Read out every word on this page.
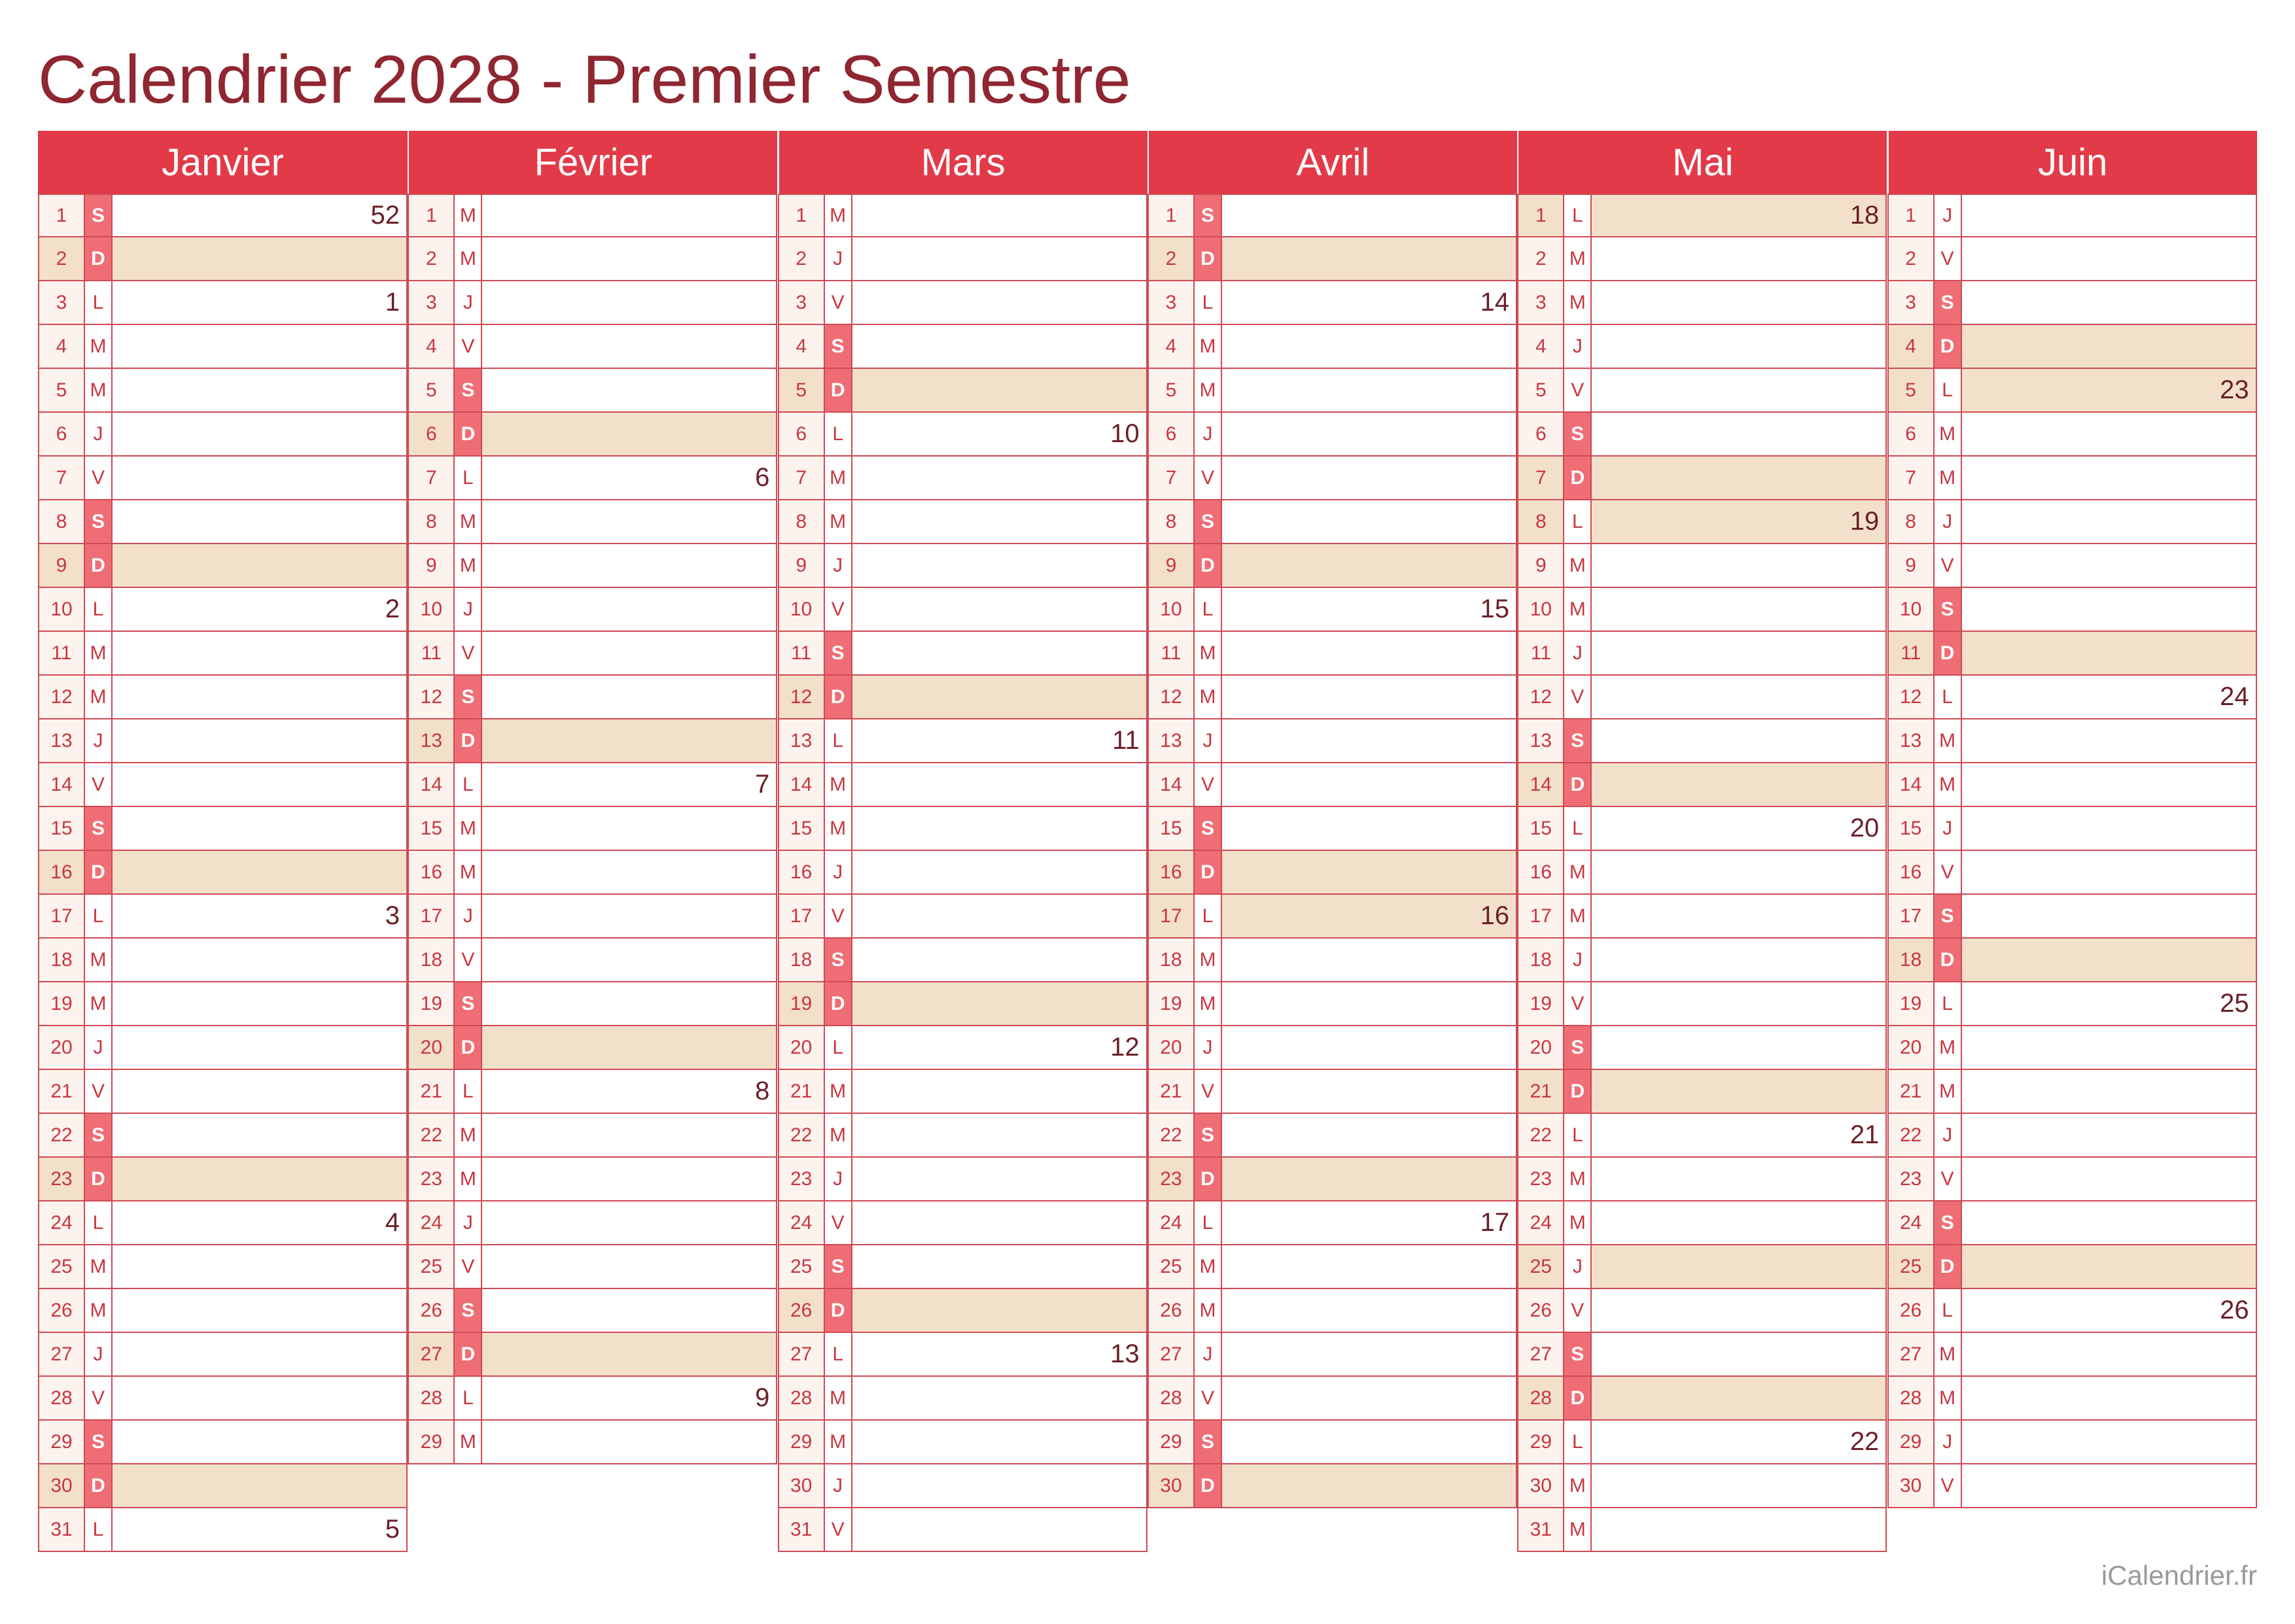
Calendrier 2028 - Premier Semestre
Janvier
1	S	52
2	D
3	L	1
4	M
5	M
6	J
7	V
8	S
9	D
10	L	2
11 M
12 M
13	J
14 V
15 S
16 D
17	L	3
18 M
19 M
20	J
21 V
22 S
23 D
24	L	4
25 M
26 M
27	J
28 V
29 S
30 D
31	L	5
Février
1	M
2	M
3	J
4	V
5	S
6	D
7	L	6
8	M
9	M
10	J
11	V
12 S
13 D
14	L	7
15 M
16 M
17	J
18 V
19 S
20 D
21	L	8
22 M
23 M
24	J
25 V
26 S
27 D
28	L	9
29 M
Mars
1	M
2	J
3	V
4	S
5	D
6	L	10
7	M
8	M
9	J
10 V
11	S
12 D
13	L	11
14 M
15 M
16	J
17 V
18 S
19 D
20	L	12
21 M
22 M
23	J
24 V
25 S
26 D
27	L	13
28 M
29 M
30	J
31 V
Avril
1	S
2	D
3	L	14
4	M
5	M
6	J
7	V
8	S
9	D
10	L	15
11 M
12 M
13	J
14 V
15 S
16 D
17	L	16
18 M
19 M
20	J
21 V
22 S
23 D
24	L	17
25 M
26 M
27	J
28 V
29 S
30 D
Mai
1	L	18
2	M
3	M
4	J
5	V
6	S
7	D
8	L	19
9	M
10 M
11	J
12 V
13 S
14 D
15	L	20
16 M
17 M
18	J
19 V
20 S
21 D
22	L	21
23 M
24 M
25	J
26 V
27 S
28 D
29	L	22
30 M
31 M
Juin
1	J
2	V
3	S
4	D
5	L	23
6	M
7	M
8	J
9	V
10 S
11 D
12	L	24
13 M
14 M
15	J
16 V
17 S
18 D
19	L	25
20 M
21 M
22	J
23 V
24 S
25 D
26	L	26
27 M
28 M
29	J
30 V
iCalendrier.fr
